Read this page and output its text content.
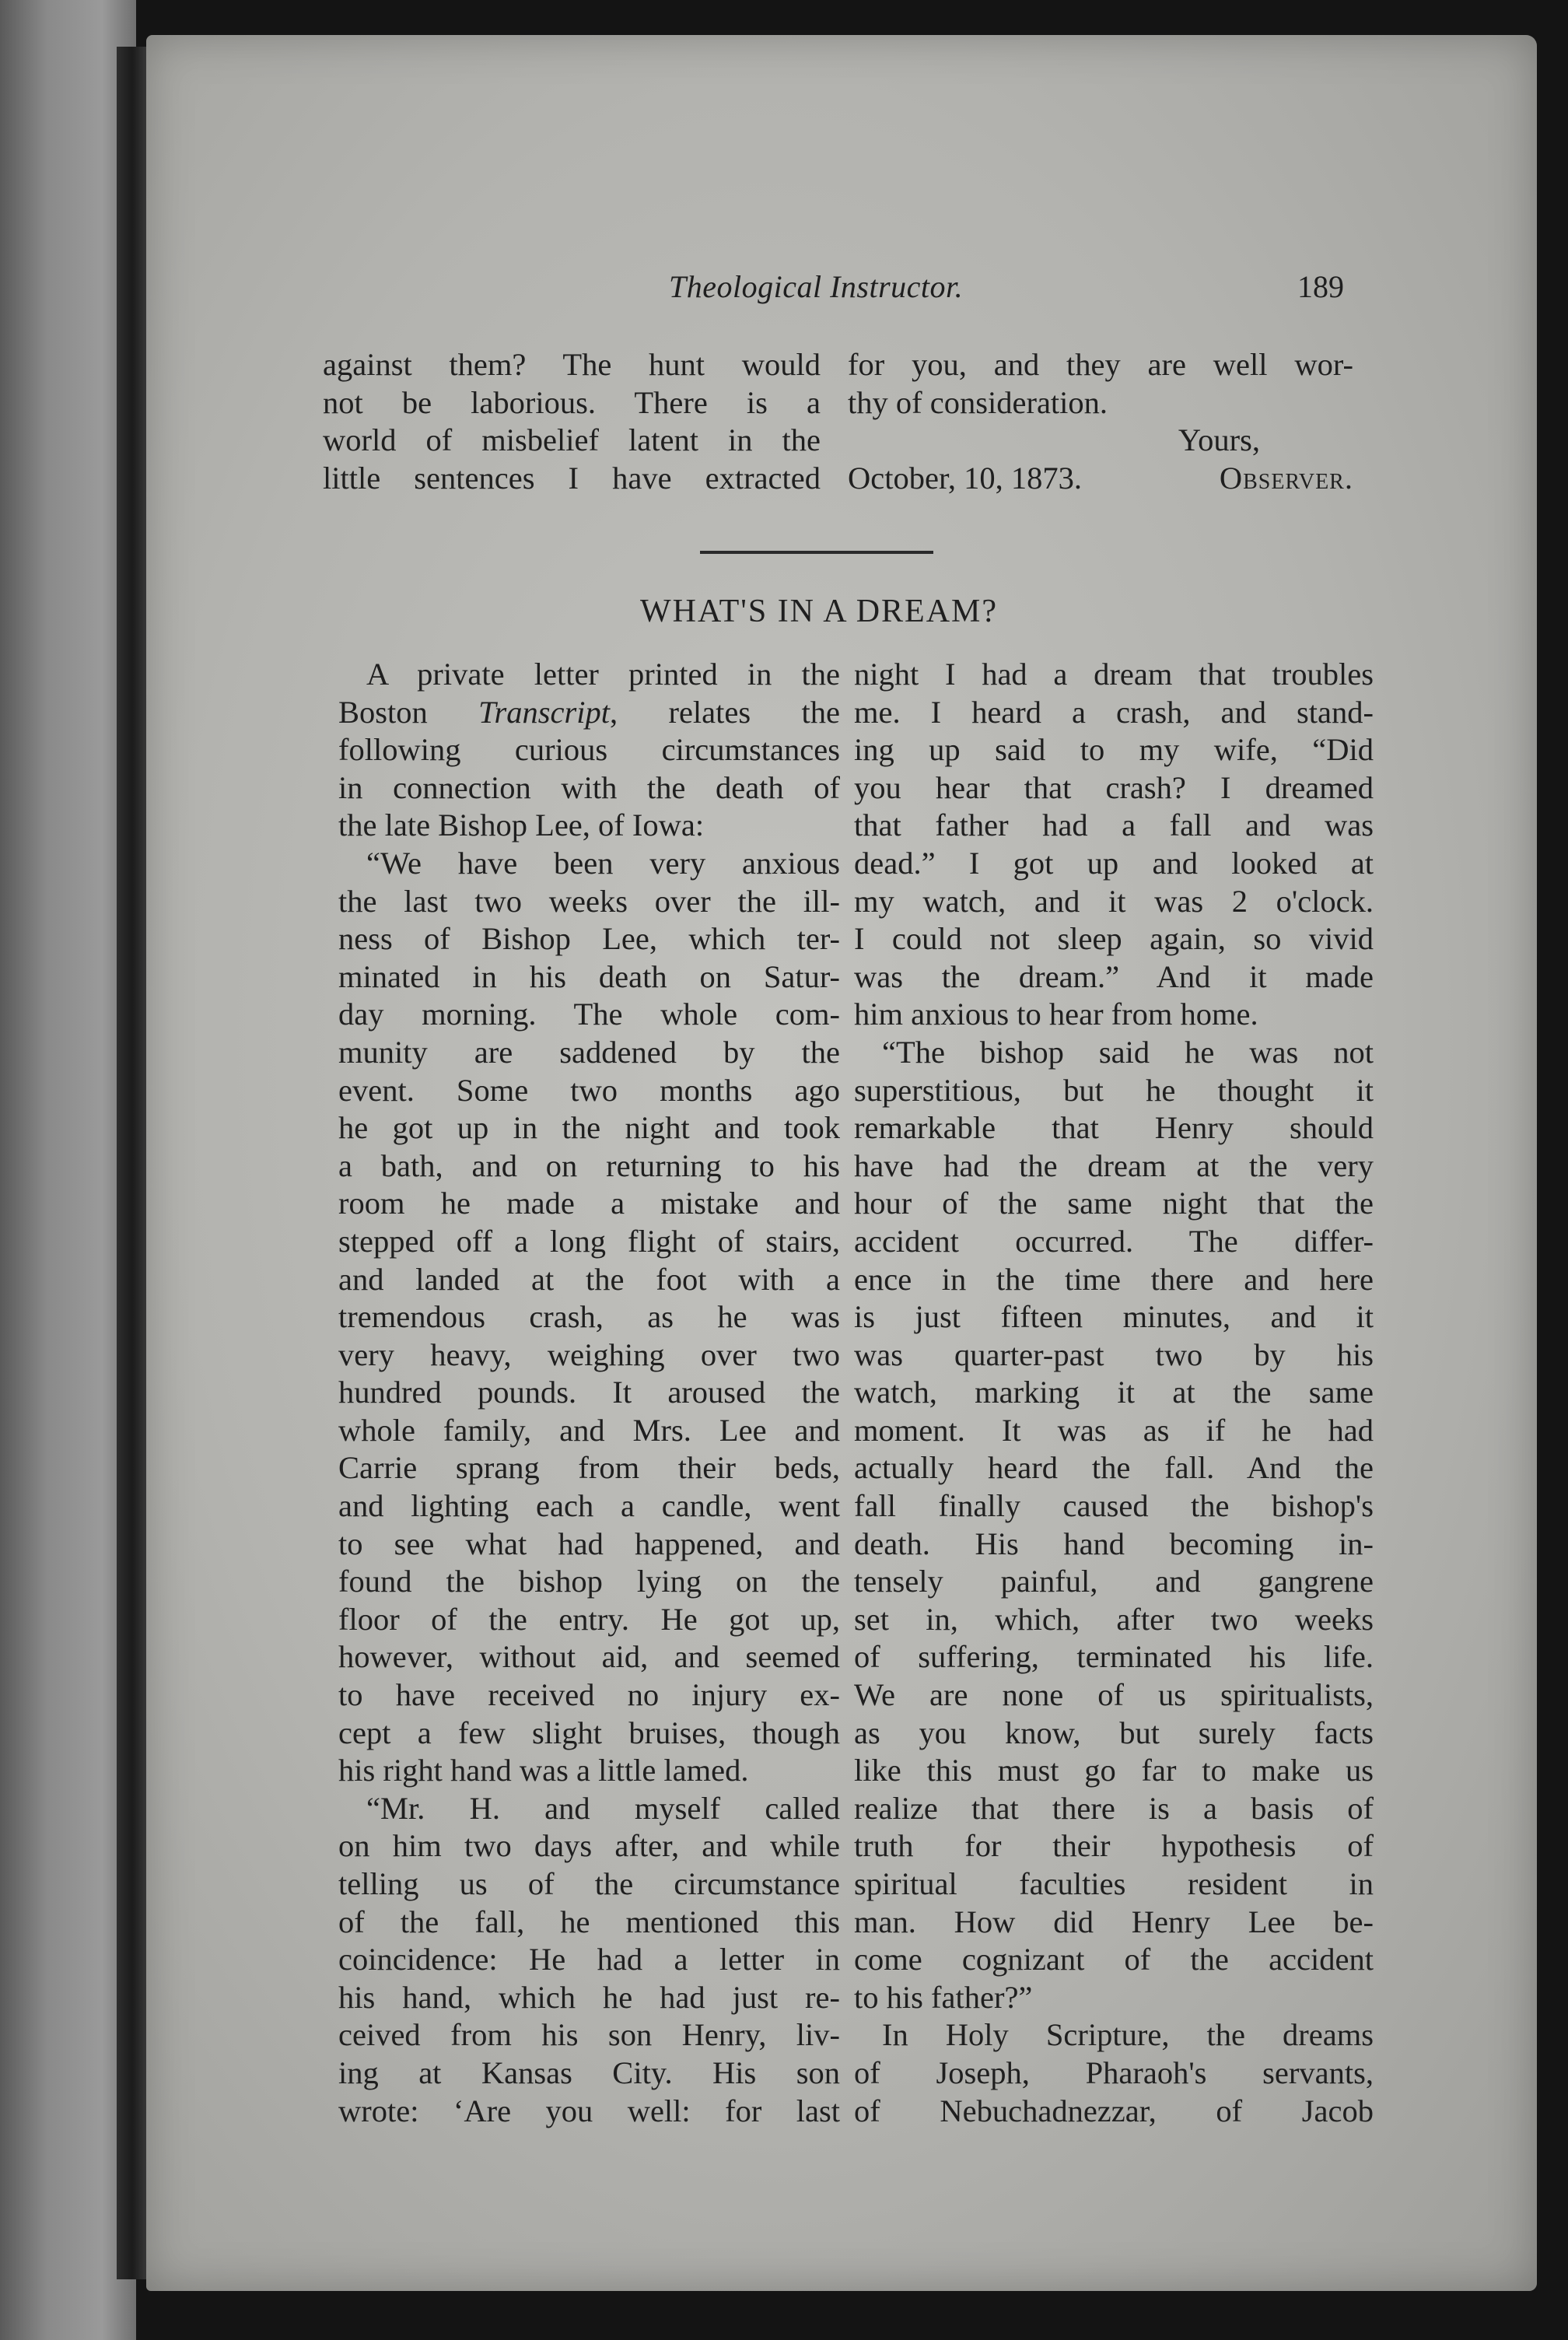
Theological Instructor.	189
against them? The hunt would
not be laborious. There is a
world of misbelief latent in the
little sentences I have extracted
for you, and they are well wor-
thy of consideration.
Yours,
October, 10, 1873.	Observer.
WHAT'S IN A DREAM?
A private letter printed in the
Boston Transcript, relates the
following curious circumstances
in connection with the death of
the late Bishop Lee, of Iowa:
“We have been very anxious
the last two weeks over the ill-
ness of Bishop Lee, which ter-
minated in his death on Satur-
day morning. The whole com-
munity are saddened by the
event. Some two months ago
he got up in the night and took
a bath, and on returning to his
room he made a mistake and
stepped off a long flight of stairs,
and landed at the foot with a
tremendous crash, as he was
very heavy, weighing over two
hundred pounds. It aroused the
whole family, and Mrs. Lee and
Carrie sprang from their beds,
and lighting each a candle, went
to see what had happened, and
found the bishop lying on the
floor of the entry. He got up,
however, without aid, and seemed
to have received no injury ex-
cept a few slight bruises, though
his right hand was a little lamed.
“Mr. H. and myself called
on him two days after, and while
telling us of the circumstance
of the fall, he mentioned this
coincidence: He had a letter in
his hand, which he had just re-
ceived from his son Henry, liv-
ing at Kansas City. His son
wrote: ‘Are you well: for last
night I had a dream that troubles
me. I heard a crash, and stand-
ing up said to my wife, “Did
you hear that crash? I dreamed
that father had a fall and was
dead.” I got up and looked at
my watch, and it was 2 o'clock.
I could not sleep again, so vivid
was the dream.” And it made
him anxious to hear from home.
“The bishop said he was not
superstitious, but he thought it
remarkable that Henry should
have had the dream at the very
hour of the same night that the
accident occurred. The differ-
ence in the time there and here
is just fifteen minutes, and it
was quarter-past two by his
watch, marking it at the same
moment. It was as if he had
actually heard the fall. And the
fall finally caused the bishop's
death. His hand becoming in-
tensely painful, and gangrene
set in, which, after two weeks
of suffering, terminated his life.
We are none of us spiritualists,
as you know, but surely facts
like this must go far to make us
realize that there is a basis of
truth for their hypothesis of
spiritual faculties resident in
man. How did Henry Lee be-
come cognizant of the accident
to his father?”
In Holy Scripture, the dreams
of Joseph, Pharaoh's servants,
of Nebuchadnezzar, of Jacob
